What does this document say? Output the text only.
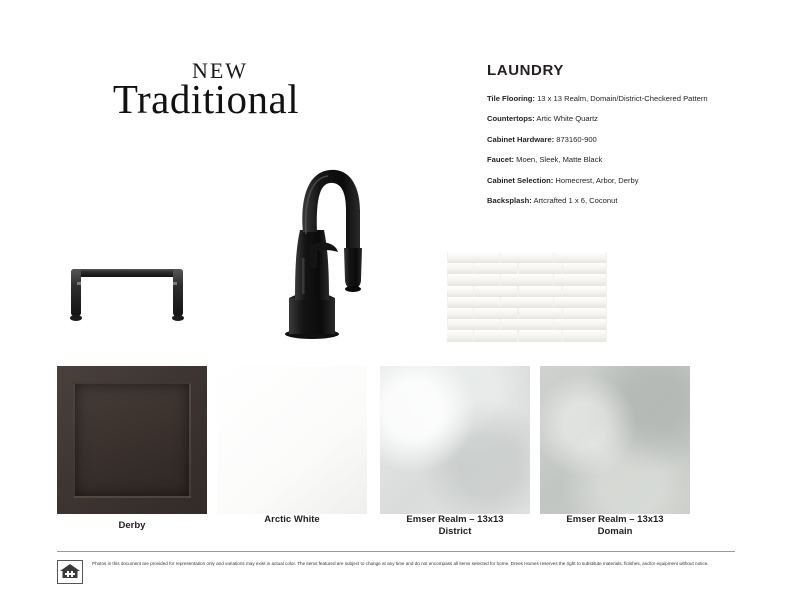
NEW
Traditional
LAUNDRY
Tile Flooring: 13 x 13 Realm, Domain/District-Checkered Pattern
Countertops: Artic White Quartz
Cabinet Hardware: 873160-900
Faucet: Moen, Sleek, Matte Black
Cabinet Selection: Homecrest, Arbor, Derby
Backsplash: Artcrafted 1 x 6, Coconut
Derby
Arctic White	Emser Realm – 13x13
District
Emser Realm – 13x13
Domain
Photos in this document are provided for representation only and variations may exist in actual color. The items featured are subject to change at any time and do not encompass all items selected for home. Drees Homes reserves the right to substitute materials, finishes, and/or equipment without notice.
